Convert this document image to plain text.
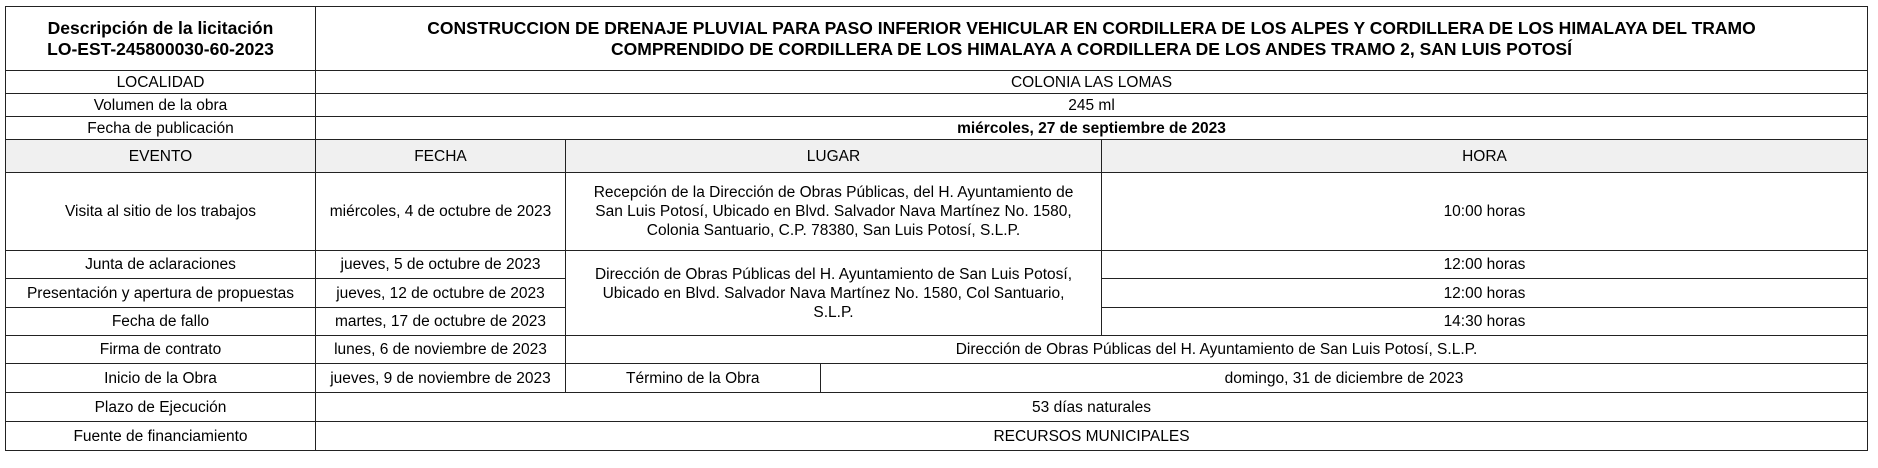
Descripción de la licitación
LO-EST-245800030-60-2023	CONSTRUCCION DE DRENAJE PLUVIAL PARA PASO INFERIOR VEHICULAR EN CORDILLERA DE LOS ALPES Y CORDILLERA DE LOS HIMALAYA DEL TRAMO
COMPRENDIDO DE CORDILLERA DE LOS HIMALAYA A CORDILLERA DE LOS ANDES TRAMO 2, SAN LUIS POTOSÍ			

LOCALIDAD	COLONIA LAS LOMAS			
Volumen de la obra	245 ml			
Fecha de publicación	miércoles, 27 de septiembre de 2023			
EVENTO	FECHA	LUGAR		HORA
Visita al sitio de los trabajos	miércoles, 4 de octubre de 2023	Recepción de la Dirección de Obras Públicas, del H. Ayuntamiento de
San Luis Potosí, Ubicado en Blvd. Salvador Nava Martínez No. 1580,
Colonia Santuario, C.P. 78380, San Luis Potosí, S.L.P.		10:00 horas
Junta de aclaraciones	jueves, 5 de octubre de 2023	Dirección de Obras Públicas del H. Ayuntamiento de San Luis Potosí,
Ubicado en Blvd. Salvador Nava Martínez No. 1580, Col Santuario,
S.L.P.		12:00 horas
Presentación y apertura de propuestas	jueves, 12 de octubre de 2023			12:00 horas
Fecha de fallo	martes, 17 de octubre de 2023			14:30 horas
Firma de contrato	lunes, 6 de noviembre de 2023	Dirección de Obras Públicas del H. Ayuntamiento de San Luis Potosí, S.L.P.		
Inicio de la Obra	jueves, 9 de noviembre de 2023	Término de la Obra	domingo, 31 de diciembre de 2023	
Plazo de Ejecución	53 días naturales			
Fuente de financiamiento	RECURSOS MUNICIPALES			
